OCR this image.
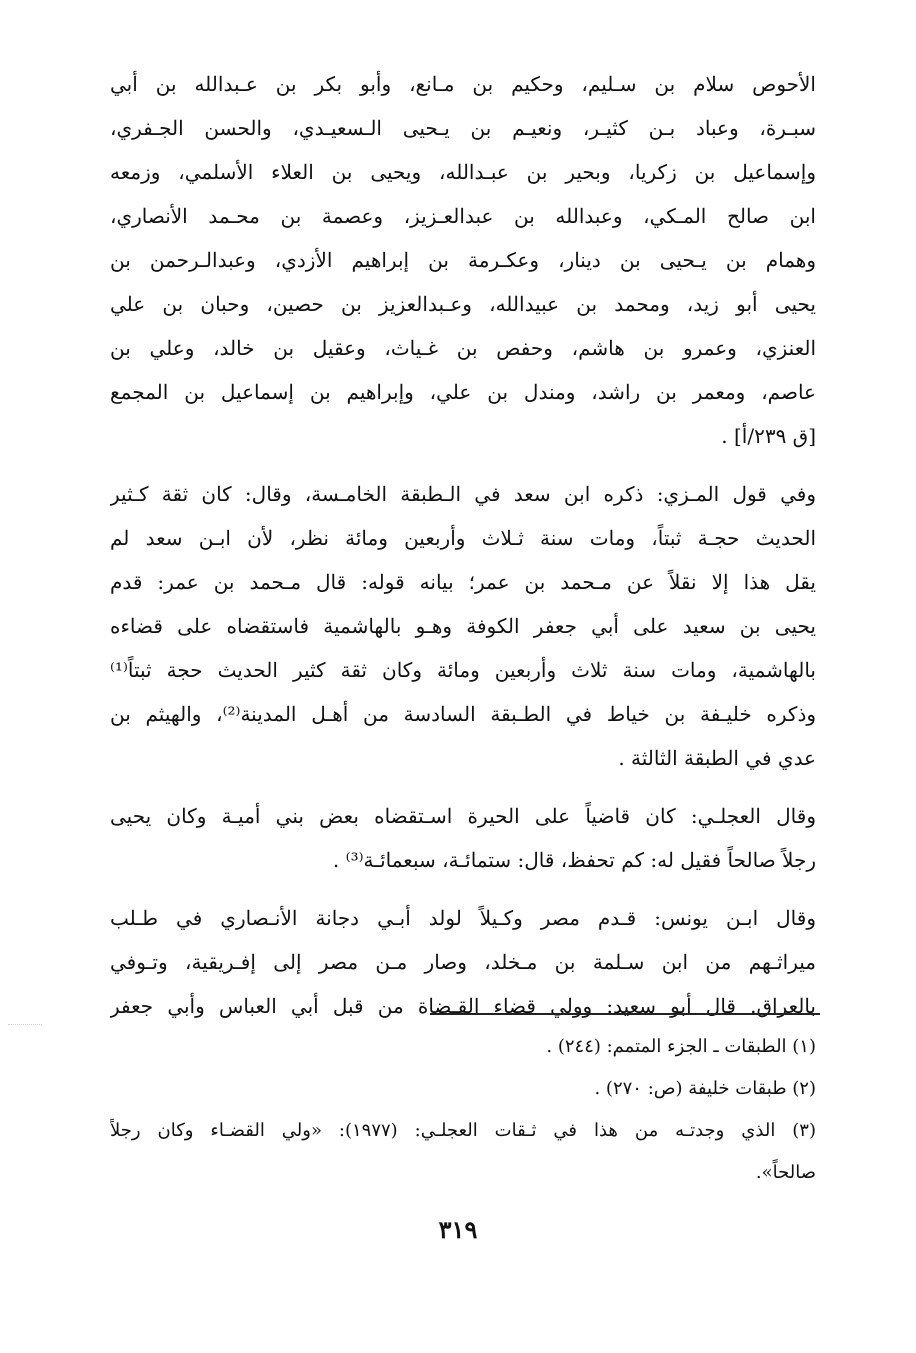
الأحوص سلام بن سـليم، وحكيم بن مـانع، وأبو بكر بن عـبدالله بن أبي
سبـرة، وعباد بـن كثيـر، ونعيـم بن يـحيى الـسعيـدي، والحسن الجـفري،
وإسماعيل بن زكريا، وبحير بن عبـدالله، ويحيى بن العلاء الأسلمي، وزمعه
ابن صالح المـكي، وعبدالله بن عبدالعـزيز، وعصمة بن محـمد الأنصاري،
وهمام بن يـحيى بن دينار، وعكـرمة بن إبراهيم الأزدي، وعبدالـرحمن بن
يحيى أبو زيد، ومحمد بن عبيدالله، وعـبدالعزيز بن حصين، وحبان بن علي
العنزي، وعمرو بن هاشم، وحفص بن غـياث، وعقيل بن خالد، وعلي بن
عاصم، ومعمر بن راشد، ومندل بن علي، وإبراهيم بن إسماعيل بن المجمع
[ق ٢٣٩/أ] .
وفي قول المـزي: ذكره ابن سعد في الـطبقة الخامـسة، وقال: كان ثقة كـثير
الحديث حجـة ثبتاً، ومات سنة ثـلاث وأربعين ومائة نظر، لأن ابـن سعد لم
يقل هذا إلا نقلاً عن مـحمد بن عمر؛ بيانه قوله: قال مـحمد بن عمر: قدم
يحيى بن سعيد على أبي جعفر الكوفة وهـو بالهاشمية فاستقضاه على قضاءه
بالهاشمية، ومات سنة ثلاث وأربعين ومائة وكان ثقة كثير الحديث حجة ثبتاً⁽¹⁾
وذكره خليـفة بن خياط في الطـبقة السادسة من أهـل المدينة⁽²⁾، والهيثم بن
عدي في الطبقة الثالثة .
وقال العجلـي: كان قاضياً على الحيرة اسـتقضاه بعض بني أميـة وكان يحيى
رجلاً صالحاً فقيل له: كم تحفظ، قال: ستمائـة، سبعمائـة⁽³⁾ .
وقال ابـن يونس: قـدم مصر وكـيلاً لولد أبـي دجانة الأنـصاري في طـلب
ميراثـهم من ابن سـلمة بن مـخلد، وصار مـن مصر إلى إفـريقية، وتـوفي
بالعراق. قال أبو سعيد: وولي قضاء القـضاة من قبل أبي العباس وأبي جعفر
(١) الطبقات ـ الجزء المتمم: (٢٤٤) .
(٢) طبقات خليفة (ص: ٢٧٠) .
(٣) الذي وجدتـه من هذا في ثـقات العجلـي: (١٩٧٧): «ولي القضـاء وكان رجلاً
صالحاً».
٣١٩
